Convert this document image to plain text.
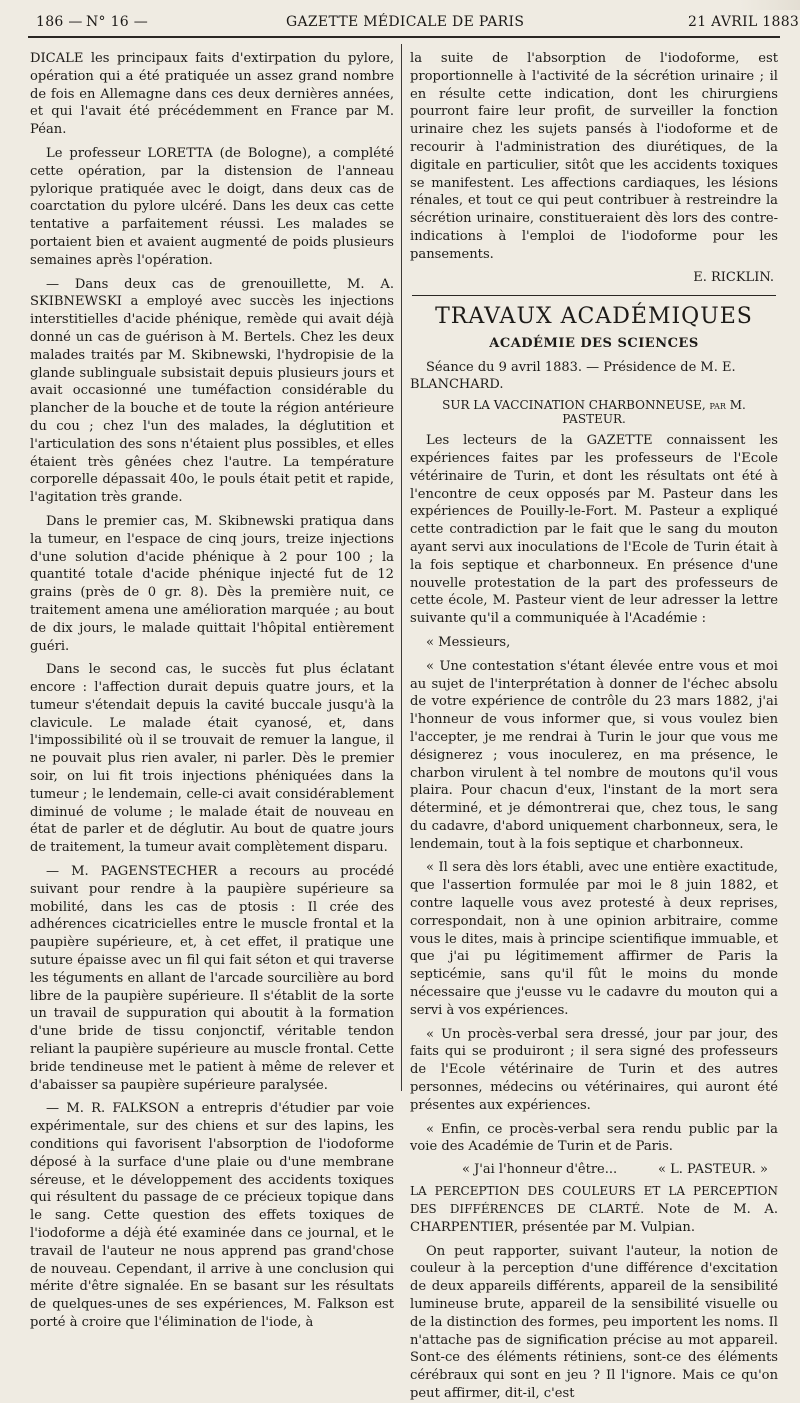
186 — N° 16 —	GAZETTE MÉDICALE DE PARIS	21 AVRIL 1883

DICALE les principaux faits d'extirpation du pylore, opération qui a été pratiquée un assez grand nombre de fois en Allemagne dans ces deux dernières années, et qui l'avait été précédemment en France par M. Péan.

Le professeur LORETTA (de Bologne), a complété cette opération, par la distension de l'anneau pylorique pratiquée avec le doigt, dans deux cas de coarctation du pylore ulcéré. Dans les deux cas cette tentative a parfaitement réussi. Les malades se portaient bien et avaient augmenté de poids plusieurs semaines après l'opération.

— Dans deux cas de grenouillette, M. A. SKIBNEWSKI a employé avec succès les injections interstitielles d'acide phénique, remède qui avait déjà donné un cas de guérison à M. Bertels. Chez les deux malades traités par M. Skibnewski, l'hydropisie de la glande sublinguale subsistait depuis plusieurs jours et avait occasionné une tuméfaction considérable du plancher de la bouche et de toute la région antérieure du cou ; chez l'un des malades, la déglutition et l'articulation des sons n'étaient plus possibles, et elles étaient très gênées chez l'autre. La température corporelle dépassait 40o, le pouls était petit et rapide, l'agitation très grande.

Dans le premier cas, M. Skibnewski pratiqua dans la tumeur, en l'espace de cinq jours, treize injections d'une solution d'acide phénique à 2 pour 100 ; la quantité totale d'acide phénique injecté fut de 12 grains (près de 0 gr. 8). Dès la première nuit, ce traitement amena une amélioration marquée ; au bout de dix jours, le malade quittait l'hôpital entièrement guéri.

Dans le second cas, le succès fut plus éclatant encore : l'affection durait depuis quatre jours, et la tumeur s'étendait depuis la cavité buccale jusqu'à la clavicule. Le malade était cyanosé, et, dans l'impossibilité où il se trouvait de remuer la langue, il ne pouvait plus rien avaler, ni parler. Dès le premier soir, on lui fit trois injections phéniquées dans la tumeur ; le lendemain, celle-ci avait considérablement diminué de volume ; le malade était de nouveau en état de parler et de déglutir. Au bout de quatre jours de traitement, la tumeur avait complètement disparu.

— M. PAGENSTECHER a recours au procédé suivant pour rendre à la paupière supérieure sa mobilité, dans les cas de ptosis : Il crée des adhérences cicatricielles entre le muscle frontal et la paupière supérieure, et, à cet effet, il pratique une suture épaisse avec un fil qui fait séton et qui traverse les téguments en allant de l'arcade sourcilière au bord libre de la paupière supérieure. Il s'établit de la sorte un travail de suppuration qui aboutit à la formation d'une bride de tissu conjonctif, véritable tendon reliant la paupière supérieure au muscle frontal. Cette bride tendineuse met le patient à même de relever et d'abaisser sa paupière supérieure paralysée.

— M. R. FALKSON a entrepris d'étudier par voie expérimentale, sur des chiens et sur des lapins, les conditions qui favorisent l'absorption de l'iodoforme déposé à la surface d'une plaie ou d'une membrane séreuse, et le développement des accidents toxiques qui résultent du passage de ce précieux topique dans le sang. Cette question des effets toxiques de l'iodoforme a déjà été examinée dans ce journal, et le travail de l'auteur ne nous apprend pas grand'chose de nouveau. Cependant, il arrive à une conclusion qui mérite d'être signalée. En se basant sur les résultats de quelques-unes de ses expériences, M. Falkson est porté à croire que l'élimination de l'iode, à

la suite de l'absorption de l'iodoforme, est proportionnelle à l'activité de la sécrétion urinaire ; il en résulte cette indication, dont les chirurgiens pourront faire leur profit, de surveiller la fonction urinaire chez les sujets pansés à l'iodoforme et de recourir à l'administration des diurétiques, de la digitale en particulier, sitôt que les accidents toxiques se manifestent. Les affections cardiaques, les lésions rénales, et tout ce qui peut contribuer à restreindre la sécrétion urinaire, constitueraient dès lors des contre-indications à l'emploi de l'iodoforme pour les pansements.

E. RICKLIN.
TRAVAUX ACADÉMIQUES
ACADÉMIE DES SCIENCES

Séance du 9 avril 1883. — Présidence de M. E. BLANCHARD.

SUR LA VACCINATION CHARBONNEUSE, par M. PASTEUR.

Les lecteurs de la GAZETTE connaissent les expériences faites par les professeurs de l'Ecole vétérinaire de Turin, et dont les résultats ont été à l'encontre de ceux opposés par M. Pasteur dans les expériences de Pouilly-le-Fort. M. Pasteur a expliqué cette contradiction par le fait que le sang du mouton ayant servi aux inoculations de l'Ecole de Turin était à la fois septique et charbonneux. En présence d'une nouvelle protestation de la part des professeurs de cette école, M. Pasteur vient de leur adresser la lettre suivante qu'il a communiquée à l'Académie :

« Messieurs,

« Une contestation s'étant élevée entre vous et moi au sujet de l'interprétation à donner de l'échec absolu de votre expérience de contrôle du 23 mars 1882, j'ai l'honneur de vous informer que, si vous voulez bien l'accepter, je me rendrai à Turin le jour que vous me désignerez ; vous inoculerez, en ma présence, le charbon virulent à tel nombre de moutons qu'il vous plaira. Pour chacun d'eux, l'instant de la mort sera déterminé, et je démontrerai que, chez tous, le sang du cadavre, d'abord uniquement charbonneux, sera, le lendemain, tout à la fois septique et charbonneux.

« Il sera dès lors établi, avec une entière exactitude, que l'assertion formulée par moi le 8 juin 1882, et contre laquelle vous avez protesté à deux reprises, correspondait, non à une opinion arbitraire, comme vous le dites, mais à principe scientifique immuable, et que j'ai pu légitimement affirmer de Paris la septicémie, sans qu'il fût le moins du monde nécessaire que j'eusse vu le cadavre du mouton qui a servi à vos expériences.

« Un procès-verbal sera dressé, jour par jour, des faits qui se produiront ; il sera signé des professeurs de l'Ecole vétérinaire de Turin et des autres personnes, médecins ou vétérinaires, qui auront été présentes aux expériences.

« Enfin, ce procès-verbal sera rendu public par la voie des Académie de Turin et de Paris.

« J'ai l'honneur d'être...	« L. PASTEUR. »

LA PERCEPTION DES COULEURS ET LA PERCEPTION DES DIFFÉRENCES DE CLARTÉ. Note de M. A. CHARPENTIER, présentée par M. Vulpian.

On peut rapporter, suivant l'auteur, la notion de couleur à la perception d'une différence d'excitation de deux appareils différents, appareil de la sensibilité lumineuse brute, appareil de la sensibilité visuelle ou de la distinction des formes, peu importent les noms. Il n'attache pas de signification précise au mot appareil. Sont-ce des éléments rétiniens, sont-ce des éléments cérébraux qui sont en jeu ? Il l'ignore. Mais ce qu'on peut affirmer, dit-il, c'est
